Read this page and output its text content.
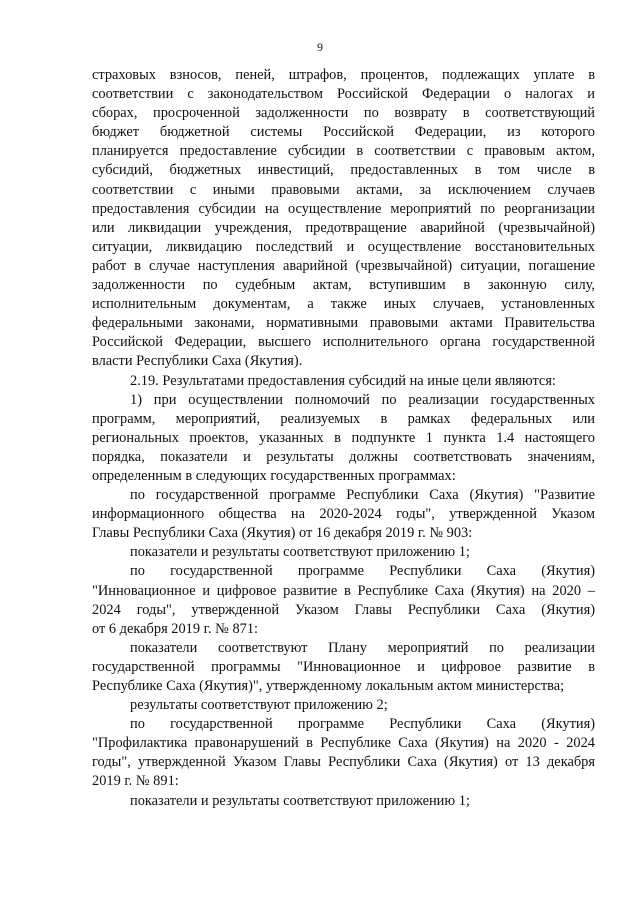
9
страховых взносов, пеней, штрафов, процентов, подлежащих уплате в
соответствии с законодательством Российской Федерации о налогах и
сборах, просроченной задолженности по возврату в соответствующий
бюджет бюджетной системы Российской Федерации, из которого
планируется предоставление субсидии в соответствии с правовым актом,
субсидий, бюджетных инвестиций, предоставленных в том числе в
соответствии с иными правовыми актами, за исключением случаев
предоставления субсидии на осуществление мероприятий по реорганизации
или ликвидации учреждения, предотвращение аварийной (чрезвычайной)
ситуации, ликвидацию последствий и осуществление восстановительных
работ в случае наступления аварийной (чрезвычайной) ситуации, погашение
задолженности по судебным актам, вступившим в законную силу,
исполнительным документам, а также иных случаев, установленных
федеральными законами, нормативными правовыми актами Правительства
Российской Федерации, высшего исполнительного органа государственной
власти Республики Саха (Якутия).
2.19. Результатами предоставления субсидий на иные цели являются:
1) при осуществлении полномочий по реализации государственных
программ, мероприятий, реализуемых в рамках федеральных или
региональных проектов, указанных в подпункте 1 пункта 1.4 настоящего
порядка, показатели и результаты должны соответствовать значениям,
определенным в следующих государственных программах:
по государственной программе Республики Саха (Якутия) "Развитие
информационного общества на 2020-2024 годы", утвержденной Указом
Главы Республики Саха (Якутия) от 16 декабря 2019 г. № 903:
показатели и результаты соответствуют приложению 1;
по государственной программе Республики Саха (Якутия)
"Инновационное и цифровое развитие в Республике Саха (Якутия) на 2020 –
2024 годы", утвержденной Указом Главы Республики Саха (Якутия)
от 6 декабря 2019 г. № 871:
показатели соответствуют Плану мероприятий по реализации
государственной программы "Инновационное и цифровое развитие в
Республике Саха (Якутия)", утвержденному локальным актом министерства;
результаты соответствуют приложению 2;
по государственной программе Республики Саха (Якутия)
"Профилактика правонарушений в Республике Саха (Якутия) на 2020 - 2024
годы", утвержденной Указом Главы Республики Саха (Якутия) от 13 декабря
2019 г. № 891:
показатели и результаты соответствуют приложению 1;
